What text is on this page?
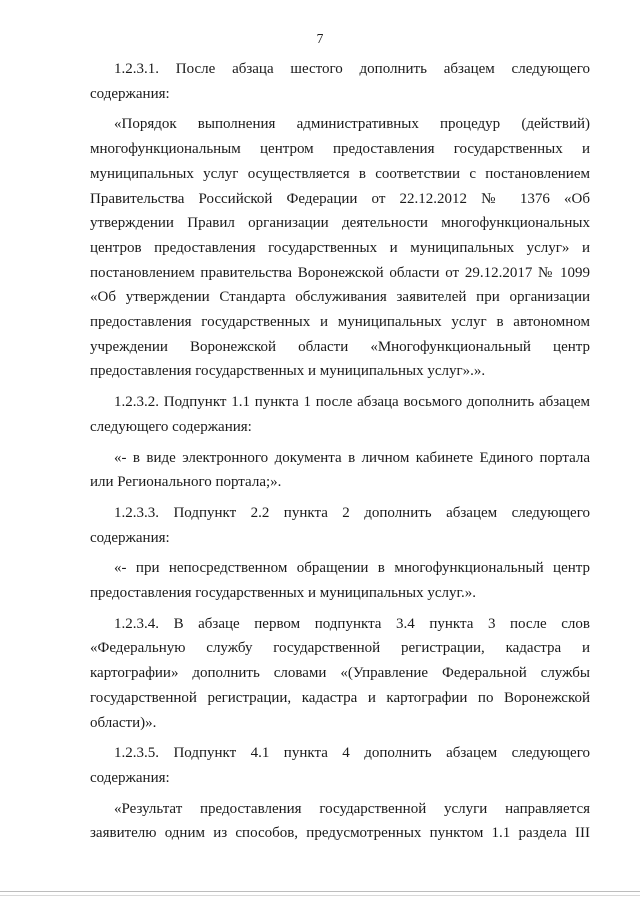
7
1.2.3.1. После абзаца шестого дополнить абзацем следующего
содержания:
«Порядок выполнения административных процедур (действий)
многофункциональным центром предоставления государственных и
муниципальных услуг осуществляется в соответствии с постановлением
Правительства Российской Федерации от 22.12.2012 № 1376 «Об
утверждении Правил организации деятельности многофункциональных
центров предоставления государственных и муниципальных услуг» и
постановлением правительства Воронежской области от 29.12.2017 № 1099
«Об утверждении Стандарта обслуживания заявителей при организации
предоставления государственных и муниципальных услуг в автономном
учреждении Воронежской области «Многофункциональный центр
предоставления государственных и муниципальных услуг».».
1.2.3.2. Подпункт 1.1 пункта 1 после абзаца восьмого дополнить абзацем
следующего содержания:
«- в виде электронного документа в личном кабинете Единого портала
или Регионального портала;».
1.2.3.3. Подпункт 2.2 пункта 2 дополнить абзацем следующего
содержания:
«- при непосредственном обращении в многофункциональный центр
предоставления государственных и муниципальных услуг.».
1.2.3.4. В абзаце первом подпункта 3.4 пункта 3 после слов
«Федеральную службу государственной регистрации, кадастра и
картографии» дополнить словами «(Управление Федеральной службы
государственной регистрации, кадастра и картографии по Воронежской
области)».
1.2.3.5. Подпункт 4.1 пункта 4 дополнить абзацем следующего
содержания:
«Результат предоставления государственной услуги направляется
заявителю одним из способов, предусмотренных пунктом 1.1 раздела III
